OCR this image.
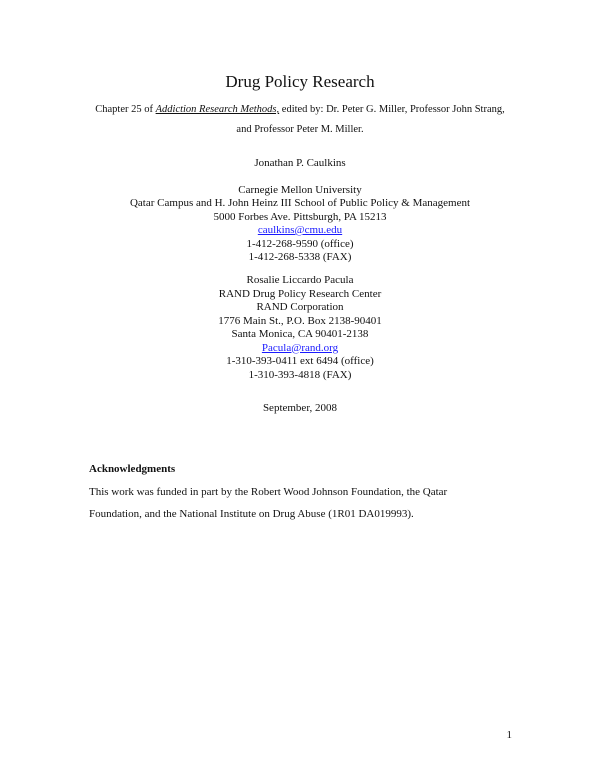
Drug Policy Research
Chapter 25 of Addiction Research Methods, edited by: Dr. Peter G. Miller, Professor John Strang,
and Professor Peter M. Miller.
Jonathan P. Caulkins
Carnegie Mellon University
Qatar Campus and H. John Heinz III School of Public Policy & Management
5000 Forbes Ave. Pittsburgh, PA 15213
caulkins@cmu.edu
1-412-268-9590 (office)
1-412-268-5338 (FAX)
Rosalie Liccardo Pacula
RAND Drug Policy Research Center
RAND Corporation
1776 Main St., P.O. Box 2138-90401
Santa Monica, CA 90401-2138
Pacula@rand.org
1-310-393-0411 ext 6494 (office)
1-310-393-4818 (FAX)
September, 2008
Acknowledgments
This work was funded in part by the Robert Wood Johnson Foundation, the Qatar
Foundation, and the National Institute on Drug Abuse (1R01 DA019993).
1
